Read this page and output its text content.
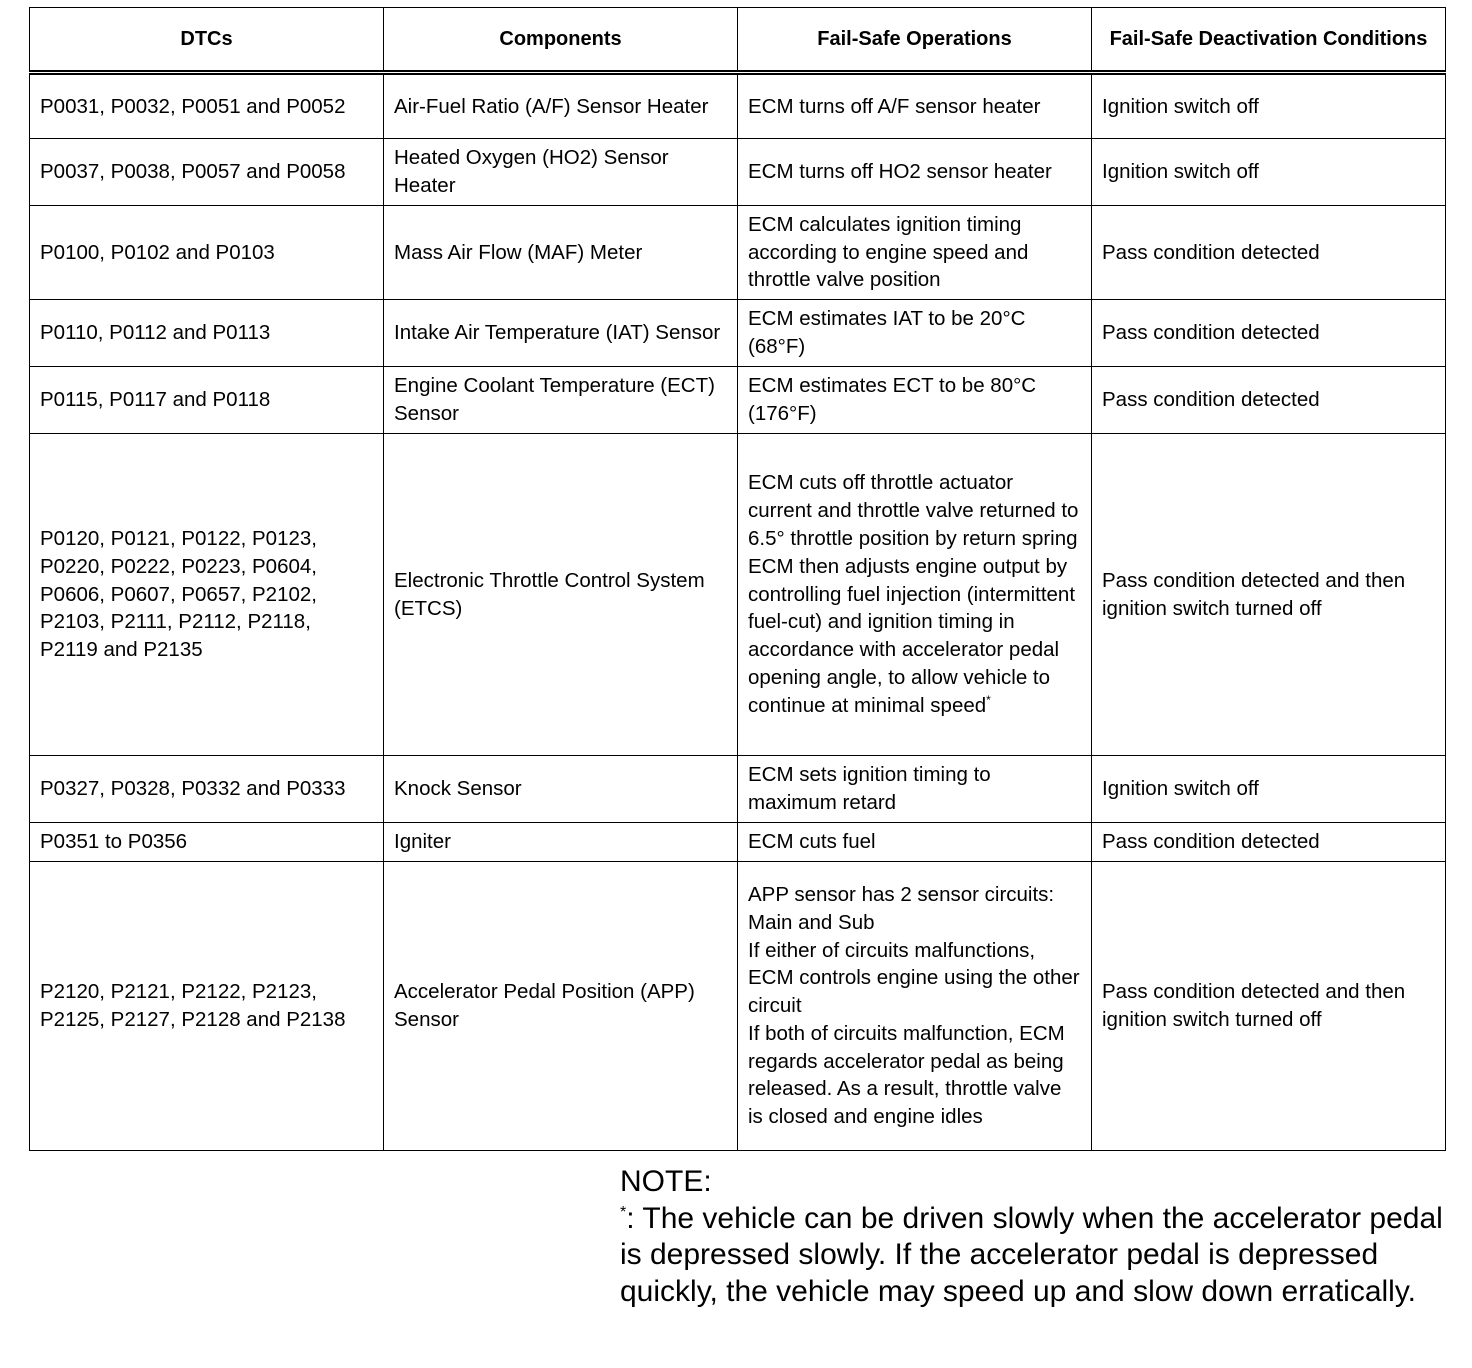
DTCs	Components	Fail-Safe Operations	Fail-Safe Deactivation Conditions

P0031, P0032, P0051 and P0052	Air-Fuel Ratio (A/F) Sensor Heater	ECM turns off A/F sensor heater	Ignition switch off

P0037, P0038, P0057 and P0058	Heated Oxygen (HO2) Sensor Heater	ECM turns off HO2 sensor heater	Ignition switch off

P0100, P0102 and P0103	Mass Air Flow (MAF) Meter	ECM calculates ignition timing according to engine speed and throttle valve position	Pass condition detected

P0110, P0112 and P0113	Intake Air Temperature (IAT) Sensor	ECM estimates IAT to be 20°C (68°F)	Pass condition detected

P0115, P0117 and P0118	Engine Coolant Temperature (ECT) Sensor	ECM estimates ECT to be 80°C (176°F)	Pass condition detected

P0120, P0121, P0122, P0123, P0220, P0222, P0223, P0604, P0606, P0607, P0657, P2102, P2103, P2111, P2112, P2118, P2119 and P2135	Electronic Throttle Control System (ETCS)	ECM cuts off throttle actuator current and throttle valve returned to 6.5° throttle position by return spring
ECM then adjusts engine output by controlling fuel injection (intermittent fuel-cut) and ignition timing in accordance with accelerator pedal opening angle, to allow vehicle to continue at minimal speed*	Pass condition detected and then ignition switch turned off

P0327, P0328, P0332 and P0333	Knock Sensor	ECM sets ignition timing to maximum retard	Ignition switch off

P0351 to P0356	Igniter	ECM cuts fuel	Pass condition detected

P2120, P2121, P2122, P2123, P2125, P2127, P2128 and P2138	Accelerator Pedal Position (APP) Sensor	APP sensor has 2 sensor circuits: Main and Sub
If either of circuits malfunctions, ECM controls engine using the other circuit
If both of circuits malfunction, ECM regards accelerator pedal as being released. As a result, throttle valve is closed and engine idles	Pass condition detected and then ignition switch turned off
NOTE:
*: The vehicle can be driven slowly when the accelerator pedal is depressed slowly. If the accelerator pedal is depressed quickly, the vehicle may speed up and slow down erratically.
